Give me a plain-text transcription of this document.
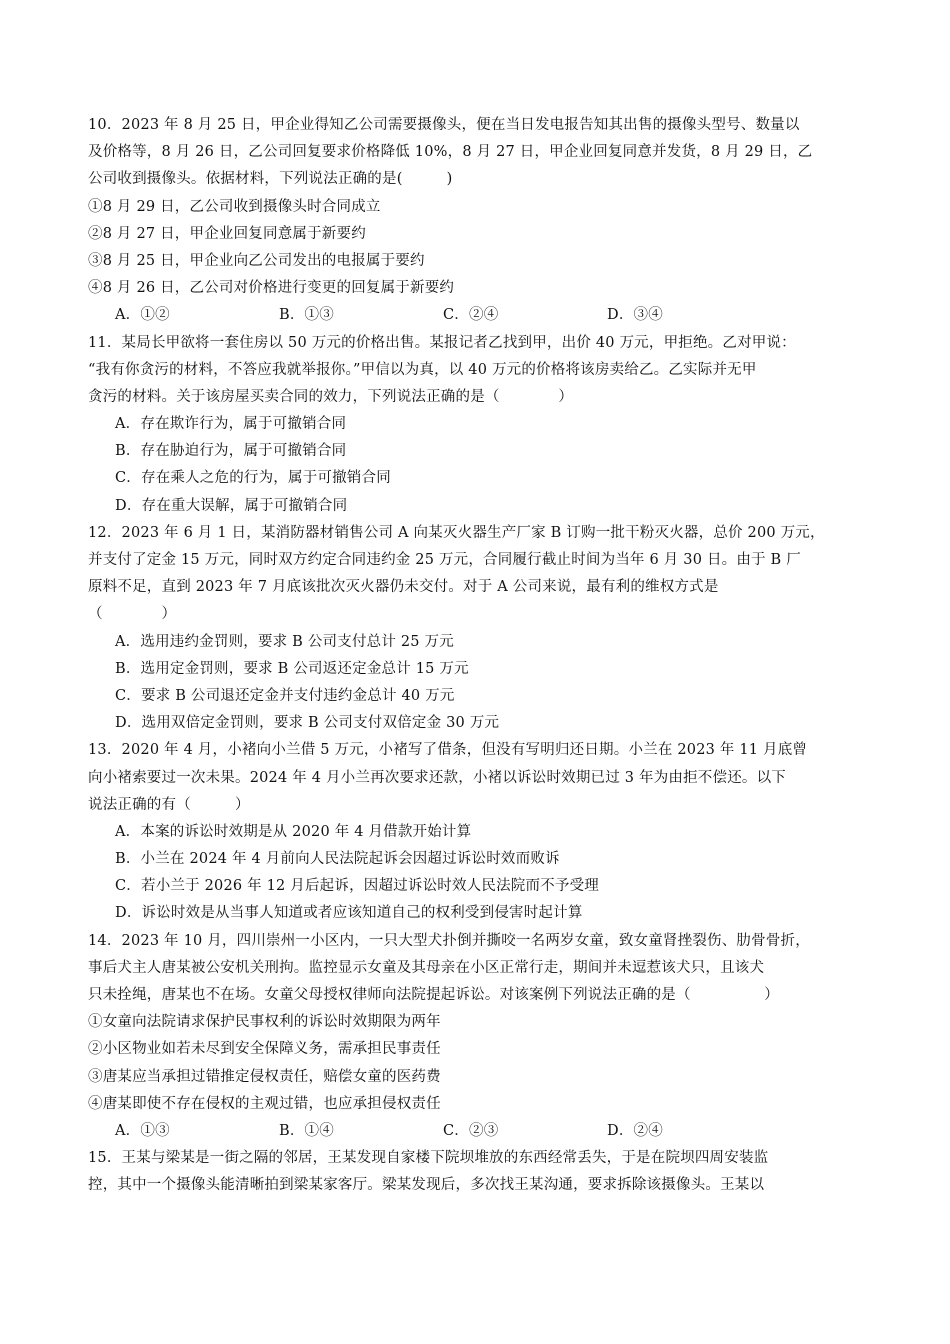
10．2023 年 8 月 25 日，甲企业得知乙公司需要摄像头，便在当日发电报告知其出售的摄像头型号、数量以
及价格等，8 月 26 日，乙公司回复要求价格降低 10%，8 月 27 日，甲企业回复同意并发货，8 月 29 日，乙
公司收到摄像头。依据材料，下列说法正确的是(　　　)
①8 月 29 日，乙公司收到摄像头时合同成立
②8 月 27 日，甲企业回复同意属于新要约
③8 月 25 日，甲企业向乙公司发出的电报属于要约
④8 月 26 日，乙公司对价格进行变更的回复属于新要约
A．①②	B．①③	C．②④	D．③④
11．某局长甲欲将一套住房以 50 万元的价格出售。某报记者乙找到甲，出价 40 万元，甲拒绝。乙对甲说：
“我有你贪污的材料，不答应我就举报你。”甲信以为真，以 40 万元的价格将该房卖给乙。乙实际并无甲
贪污的材料。关于该房屋买卖合同的效力，下列说法正确的是（　　　　）
A．存在欺诈行为，属于可撤销合同
B．存在胁迫行为，属于可撤销合同
C．存在乘人之危的行为，属于可撤销合同
D．存在重大误解，属于可撤销合同
12．2023 年 6 月 1 日，某消防器材销售公司 A 向某灭火器生产厂家 B 订购一批干粉灭火器，总价 200 万元，
并支付了定金 15 万元，同时双方约定合同违约金 25 万元，合同履行截止时间为当年 6 月 30 日。由于 B 厂
原料不足，直到 2023 年 7 月底该批次灭火器仍未交付。对于 A 公司来说，最有利的维权方式是
（　　　　）
A．选用违约金罚则，要求 B 公司支付总计 25 万元
B．选用定金罚则，要求 B 公司返还定金总计 15 万元
C．要求 B 公司退还定金并支付违约金总计 40 万元
D．选用双倍定金罚则，要求 B 公司支付双倍定金 30 万元
13．2020 年 4 月，小褚向小兰借 5 万元，小褚写了借条，但没有写明归还日期。小兰在 2023 年 11 月底曾
向小褚索要过一次未果。2024 年 4 月小兰再次要求还款，小褚以诉讼时效期已过 3 年为由拒不偿还。以下
说法正确的有（　　　）
A．本案的诉讼时效期是从 2020 年 4 月借款开始计算
B．小兰在 2024 年 4 月前向人民法院起诉会因超过诉讼时效而败诉
C．若小兰于 2026 年 12 月后起诉，因超过诉讼时效人民法院而不予受理
D．诉讼时效是从当事人知道或者应该知道自己的权利受到侵害时起计算
14．2023 年 10 月，四川崇州一小区内，一只大型犬扑倒并撕咬一名两岁女童，致女童肾挫裂伤、肋骨骨折，
事后犬主人唐某被公安机关刑拘。监控显示女童及其母亲在小区正常行走，期间并未逗惹该犬只，且该犬
只未拴绳，唐某也不在场。女童父母授权律师向法院提起诉讼。对该案例下列说法正确的是（　　　　　）
①女童向法院请求保护民事权利的诉讼时效期限为两年
②小区物业如若未尽到安全保障义务，需承担民事责任
③唐某应当承担过错推定侵权责任，赔偿女童的医药费
④唐某即使不存在侵权的主观过错，也应承担侵权责任
A．①③	B．①④	C．②③	D．②④
15．王某与梁某是一街之隔的邻居，王某发现自家楼下院坝堆放的东西经常丢失，于是在院坝四周安装监
控，其中一个摄像头能清晰拍到梁某家客厅。梁某发现后，多次找王某沟通，要求拆除该摄像头。王某以
